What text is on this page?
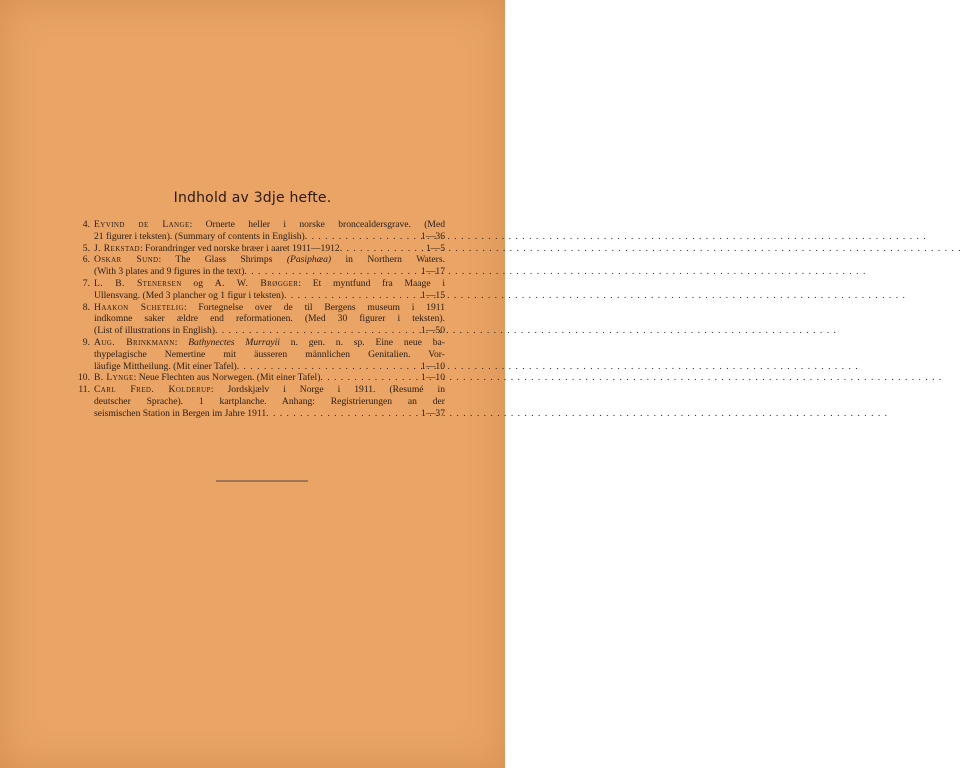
Indhold av 3dje hefte.
4. Eyvind de Lange: Ornerte heller i norske broncealdersgrave. (Med
21 figurer i teksten). (Summary of contents in English) . . .	1—36
5. J. Rekstad: Forandringer ved norske bræer i aaret 1911—1912 . . .	1—5
6. Oskar Sund: The Glass Shrimps (Pasiphæa) in Northern Waters.
(With 3 plates and 9 figures in the text) . . .	1—17
7. L. B. Stenersen og A. W. Brøgger: Et myntfund fra Maage i
Ullensvang. (Med 3 plancher og 1 figur i teksten) . . .	1—15
8. Haakon Schetelig: Fortegnelse over de til Bergens museum i 1911
indkomne saker ældre end reformationen. (Med 30 figurer i teksten).
(List of illustrations in English) . . .	1—50
9. Aug. Brinkmann: Bathynectes Murrayii n. gen. n. sp. Eine neue ba-
thypelagische Nemertine mit äusseren männlichen Genitalien. Vor-
läufige Mittheilung. (Mit einer Tafel) . . .	1—10
10. B. Lynge: Neue Flechten aus Norwegen. (Mit einer Tafel) . . .	1—10
11. Carl Fred. Kolderup: Jordskjælv i Norge i 1911. (Resumé in
deutscher Sprache). 1 kartplanche. Anhang: Registrierungen an der
seismischen Station in Bergen im Jahre 1911 . . .	1—37
